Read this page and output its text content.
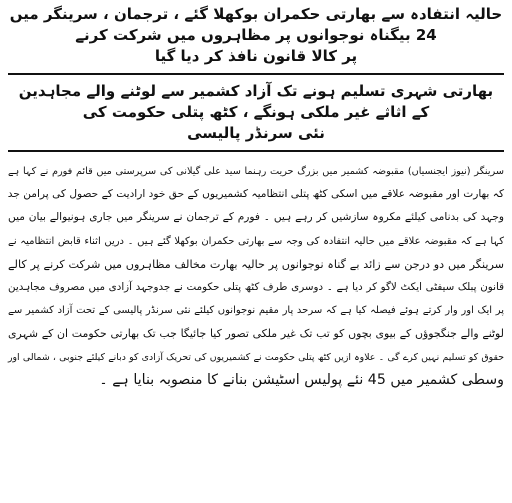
حالیہ انتفادہ سے بھارتی حکمران بوکھلا گئے ، ترجمان ، سرینگر میں 24 بیگناہ نوجوانوں پر مظاہروں میں شرکت کرنے
پر کالا قانون نافذ کر دیا گیا

بھارتی شہری تسلیم ہونے تک آزاد کشمیر سے لوٹنے والے مجاہدین کے اثاثے غیر ملکی ہونگے ، کٹھ پتلی حکومت کی
نئی سرنڈر پالیسی

سرینگر (نیوز ایجنسیاں) مقبوضہ کشمیر میں بزرگ حریت رہنما سید علی گیلانی کی سرپرستی میں قائم فورم نے کہا ہے
کہ بھارت اور مقبوضہ علاقے میں اسکی کٹھ پتلی انتظامیہ کشمیریوں کے حق خود ارادیت کے حصول کی پرامن جد
وجہد کی بدنامی کیلئے مکروہ سازشیں کر رہے ہیں ۔ فورم کے ترجمان نے سرینگر میں جاری ہونیوالے بیان میں
کہا ہے کہ مقبوضہ علاقے میں حالیہ انتفادہ کی وجہ سے بھارتی حکمران بوکھلا گئے ہیں ۔ دریں اثناء قابض انتظامیہ نے
سرینگر میں دو درجن سے زائد بے گناہ نوجوانوں پر حالیہ بھارت مخالف مظاہروں میں شرکت کرنے پر کالے
قانون پبلک سیفٹی ایکٹ لاگو کر دیا ہے ۔ دوسری طرف کٹھ پتلی حکومت نے جدوجہد آزادی میں مصروف مجاہدین
پر ایک اور وار کرتے ہوئے فیصلہ کیا ہے کہ سرحد پار مقیم نوجوانوں کیلئے نئی سرنڈر پالیسی کے تحت آزاد کشمیر سے
لوٹنے والے جنگجوؤں کے بیوی بچوں کو تب تک غیر ملکی تصور کیا جائیگا جب تک بھارتی حکومت ان کے شہری
حقوق کو تسلیم نہیں کرے گی ۔ علاوہ ازیں کٹھ پتلی حکومت نے کشمیریوں کی تحریک آزادی کو دبانے کیلئے جنوبی ، شمالی اور
وسطی کشمیر میں 45 نئے پولیس اسٹیشن بنانے کا منصوبہ بنایا ہے ۔
